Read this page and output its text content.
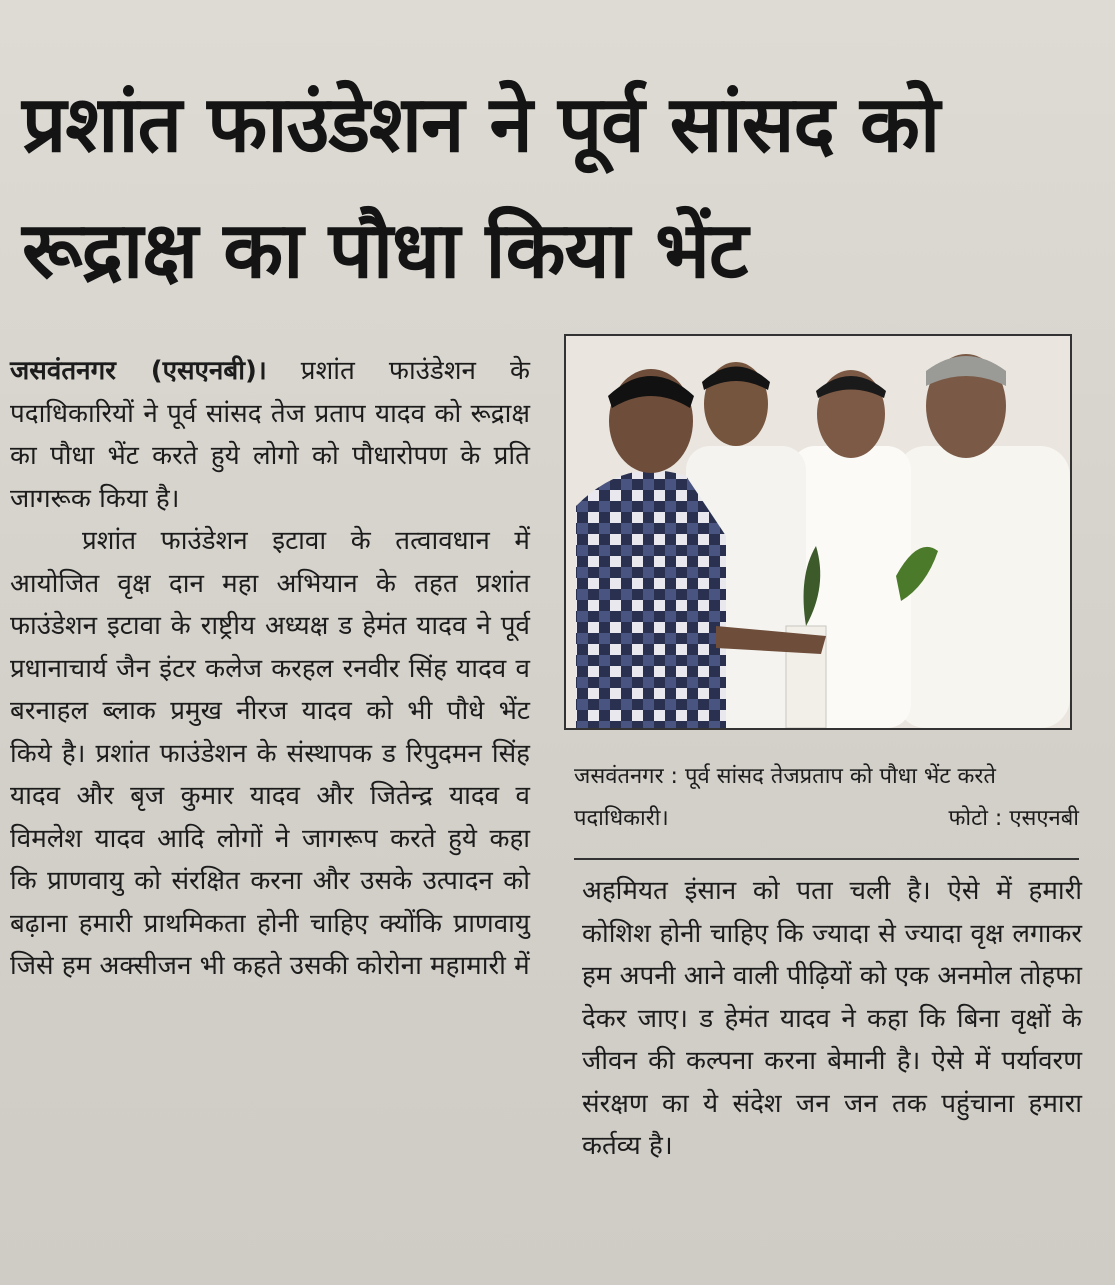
प्रशांत फाउंडेशन ने पूर्व सांसद को रूद्राक्ष का पौधा किया भेंट

जसवंतनगर (एसएनबी)। प्रशांत फाउंडेशन के पदाधिकारियों ने पूर्व सांसद तेज प्रताप यादव को रूद्राक्ष का पौधा भेंट करते हुये लोगो को पौधारोपण के प्रति जागरूक किया है।

प्रशांत फाउंडेशन इटावा के तत्वावधान में आयोजित वृक्ष दान महा अभियान के तहत प्रशांत फाउंडेशन इटावा के राष्ट्रीय अध्यक्ष ड हेमंत यादव ने पूर्व प्रधानाचार्य जैन इंटर कलेज करहल रनवीर सिंह यादव व बरनाहल ब्लाक प्रमुख नीरज यादव को भी पौधे भेंट किये है। प्रशांत फाउंडेशन के संस्थापक ड रिपुदमन सिंह यादव और बृज कुमार यादव और जितेन्द्र यादव व विमलेश यादव आदि लोगों ने जागरूप करते हुये कहा कि प्राणवायु को संरक्षित करना और उसके उत्पादन को बढ़ाना हमारी प्राथमिकता होनी चाहिए क्योंकि प्राणवायु जिसे हम अक्सीजन भी कहते उसकी कोरोना महामारी में

जसवंतनगर : पूर्व सांसद तेजप्रताप को पौधा भेंट करते पदाधिकारी।	फोटो : एसएनबी

अहमियत इंसान को पता चली है। ऐसे में हमारी कोशिश होनी चाहिए कि ज्यादा से ज्यादा वृक्ष लगाकर हम अपनी आने वाली पीढ़ियों को एक अनमोल तोहफा देकर जाए। ड हेमंत यादव ने कहा कि बिना वृक्षों के जीवन की कल्पना करना बेमानी है। ऐसे में पर्यावरण संरक्षण का ये संदेश जन जन तक पहुंचाना हमारा कर्तव्य है।
